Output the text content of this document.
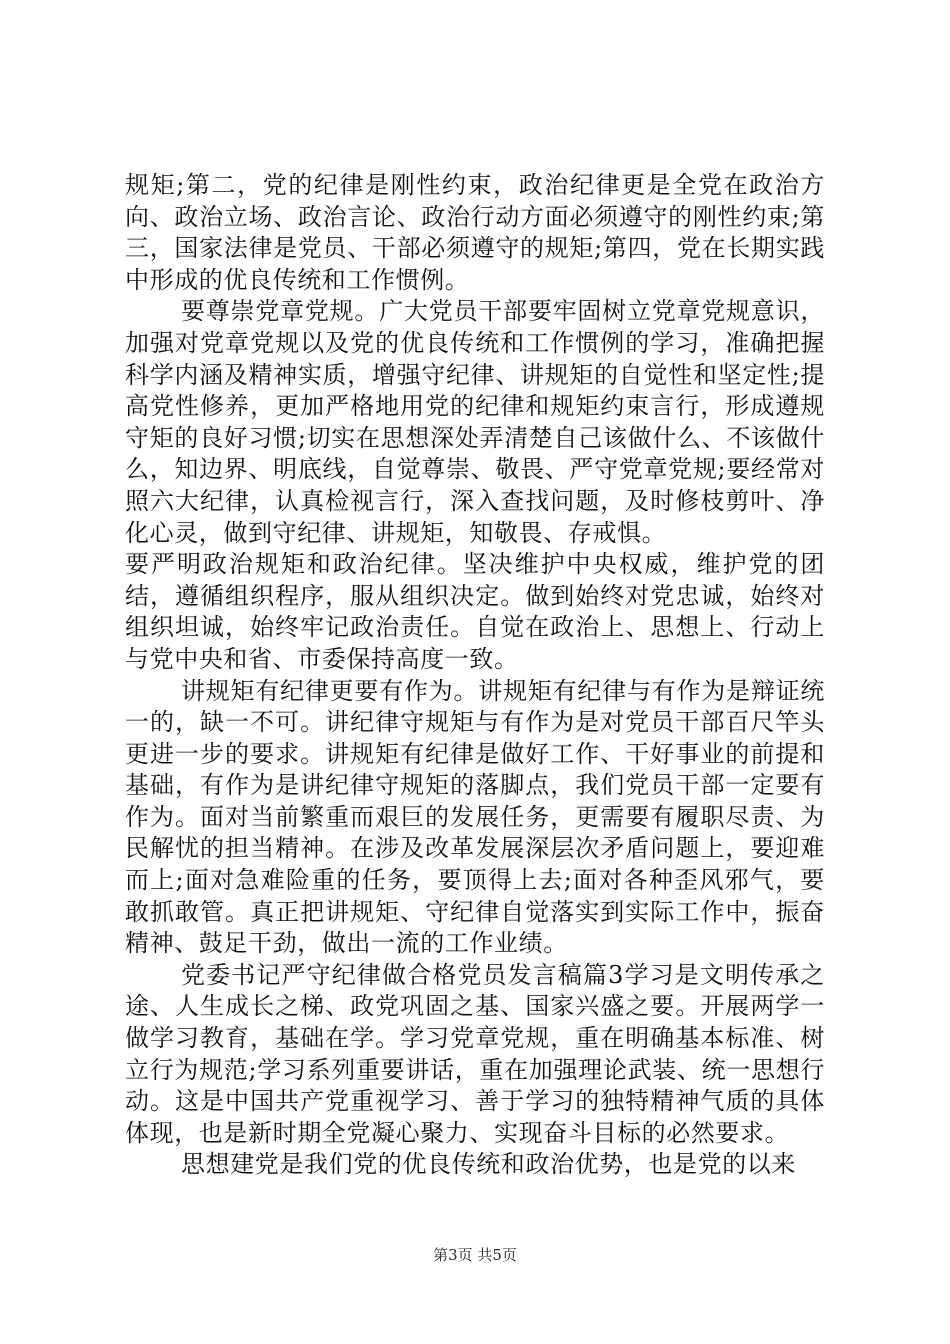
规矩;第二，党的纪律是刚性约束，政治纪律更是全党在政治方向、政治立场、政治言论、政治行动方面必须遵守的刚性约束;第三，国家法律是党员、干部必须遵守的规矩;第四，党在长期实践中形成的优良传统和工作惯例。

要尊崇党章党规。广大党员干部要牢固树立党章党规意识，加强对党章党规以及党的优良传统和工作惯例的学习，准确把握科学内涵及精神实质，增强守纪律、讲规矩的自觉性和坚定性;提高党性修养，更加严格地用党的纪律和规矩约束言行，形成遵规守矩的良好习惯;切实在思想深处弄清楚自己该做什么、不该做什么，知边界、明底线，自觉尊崇、敬畏、严守党章党规;要经常对照六大纪律，认真检视言行，深入查找问题，及时修枝剪叶、净化心灵，做到守纪律、讲规矩，知敬畏、存戒惧。

要严明政治规矩和政治纪律。坚决维护中央权威，维护党的团结，遵循组织程序，服从组织决定。做到始终对党忠诚，始终对组织坦诚，始终牢记政治责任。自觉在政治上、思想上、行动上与党中央和省、市委保持高度一致。

讲规矩有纪律更要有作为。讲规矩有纪律与有作为是辩证统一的，缺一不可。讲纪律守规矩与有作为是对党员干部百尺竿头更进一步的要求。讲规矩有纪律是做好工作、干好事业的前提和基础，有作为是讲纪律守规矩的落脚点，我们党员干部一定要有作为。面对当前繁重而艰巨的发展任务，更需要有履职尽责、为民解忧的担当精神。在涉及改革发展深层次矛盾问题上，要迎难而上;面对急难险重的任务，要顶得上去;面对各种歪风邪气，要敢抓敢管。真正把讲规矩、守纪律自觉落实到实际工作中，振奋精神、鼓足干劲，做出一流的工作业绩。

党委书记严守纪律做合格党员发言稿篇3学习是文明传承之途、人生成长之梯、政党巩固之基、国家兴盛之要。开展两学一做学习教育，基础在学。学习党章党规，重在明确基本标准、树立行为规范;学习系列重要讲话，重在加强理论武装、统一思想行动。这是中国共产党重视学习、善于学习的独特精神气质的具体体现，也是新时期全党凝心聚力、实现奋斗目标的必然要求。

思想建党是我们党的优良传统和政治优势，也是党的以来

第3页 共5页
